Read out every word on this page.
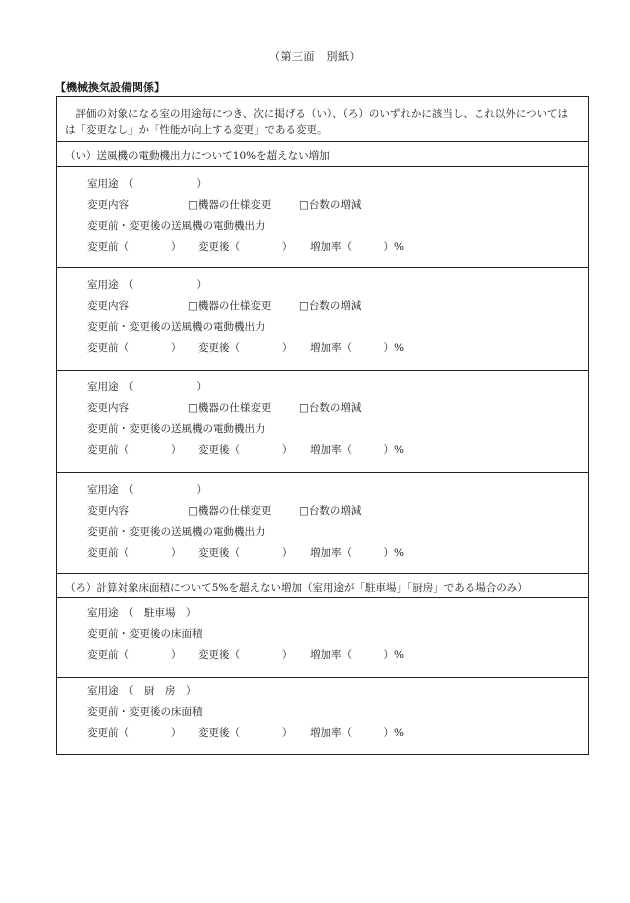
（第三面　別紙）
【機械換気設備関係】

評価の対象になる室の用途毎につき、次に掲げる（い）、（ろ）のいずれかに該当し、これ以外については

は「変更なし」か「性能が向上する変更」である変更。

（い）送風機の電動機出力について10%を超えない増加
室用途 （　　　　　　）
変更内容	□機器の仕様変更	□台数の増減
変更前・変更後の送風機の電動機出力
変更前（　　　　） 変更後（　　　　） 増加率（　　　）%
室用途 （　　　　　　）
変更内容	□機器の仕様変更	□台数の増減
変更前・変更後の送風機の電動機出力
変更前（　　　　） 変更後（　　　　） 増加率（　　　）%
室用途 （　　　　　　）
変更内容	□機器の仕様変更	□台数の増減
変更前・変更後の送風機の電動機出力
変更前（　　　　） 変更後（　　　　） 増加率（　　　）%
室用途 （　　　　　　）
変更内容	□機器の仕様変更	□台数の増減
変更前・変更後の送風機の電動機出力
変更前（　　　　） 変更後（　　　　） 増加率（　　　）%
（ろ）計算対象床面積について5%を超えない増加（室用途が「駐車場」「厨房」である場合のみ）
室用途 （　駐車場　）
変更前・変更後の床面積
変更前（　　　　） 変更後（　　　　） 増加率（　　　）%
室用途 （　厨　房　）
変更前・変更後の床面積
変更前（　　　　） 変更後（　　　　） 増加率（　　　）%
